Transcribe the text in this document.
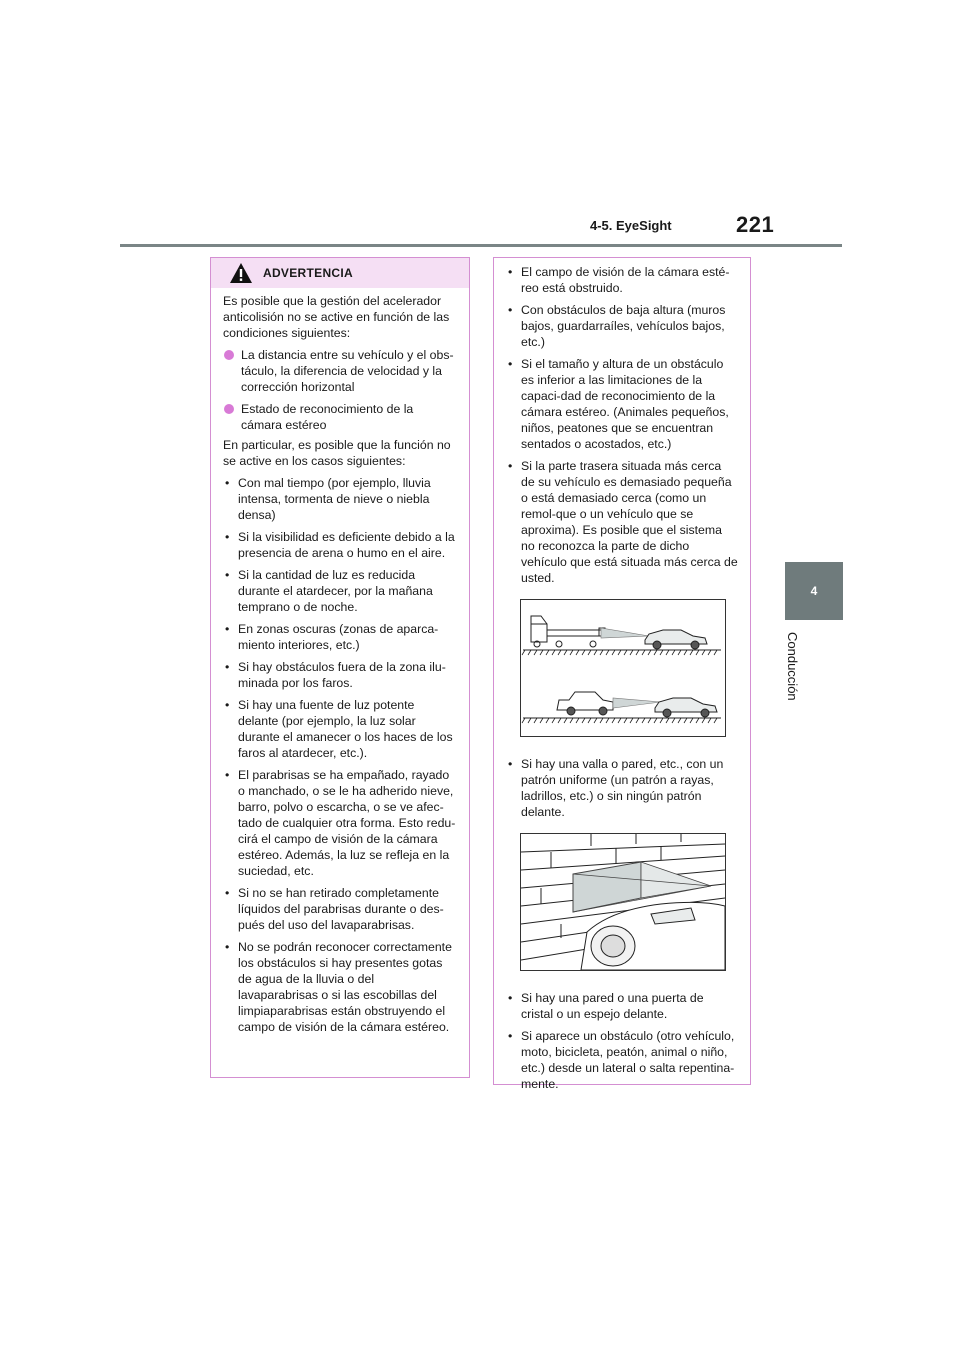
4-5. EyeSight	221
4
Conducción
ADVERTENCIA

Es posible que la gestión del acelerador anticolisión no se active en función de las condiciones siguientes:

La distancia entre su vehículo y el obs-táculo, la diferencia de velocidad y la corrección horizontal

Estado de reconocimiento de la cámara estéreo

En particular, es posible que la función no se active en los casos siguientes:

• Con mal tiempo (por ejemplo, lluvia intensa, tormenta de nieve o niebla densa)

• Si la visibilidad es deficiente debido a la presencia de arena o humo en el aire.

• Si la cantidad de luz es reducida durante el atardecer, por la mañana temprano o de noche.

• En zonas oscuras (zonas de aparca-miento interiores, etc.)

• Si hay obstáculos fuera de la zona ilu-minada por los faros.

• Si hay una fuente de luz potente delante (por ejemplo, la luz solar durante el amanecer o los haces de los faros al atardecer, etc.).

• El parabrisas se ha empañado, rayado o manchado, o se le ha adherido nieve, barro, polvo o escarcha, o se ve afec-tado de cualquier otra forma. Esto redu-cirá el campo de visión de la cámara estéreo. Además, la luz se refleja en la suciedad, etc.

• Si no se han retirado completamente líquidos del parabrisas durante o des-pués del uso del lavaparabrisas.

• No se podrán reconocer correctamente los obstáculos si hay presentes gotas de agua de la lluvia o del lavaparabrisas o si las escobillas del limpiaparabrisas están obstruyendo el campo de visión de la cámara estéreo.

• El campo de visión de la cámara esté-reo está obstruido.

• Con obstáculos de baja altura (muros bajos, guardarraíles, vehículos bajos, etc.)

• Si el tamaño y altura de un obstáculo es inferior a las limitaciones de la capaci-dad de reconocimiento de la cámara estéreo. (Animales pequeños, niños, peatones que se encuentran sentados o acostados, etc.)

• Si la parte trasera situada más cerca de su vehículo es demasiado pequeña o está demasiado cerca (como un remol-que o un vehículo que se aproxima). Es posible que el sistema no reconozca la parte de dicho vehículo que está situada más cerca de usted.

• Si hay una valla o pared, etc., con un patrón uniforme (un patrón a rayas, ladrillos, etc.) o sin ningún patrón delante.

• Si hay una pared o una puerta de cristal o un espejo delante.

• Si aparece un obstáculo (otro vehículo, moto, bicicleta, peatón, animal o niño, etc.) desde un lateral o salta repentina-mente.
